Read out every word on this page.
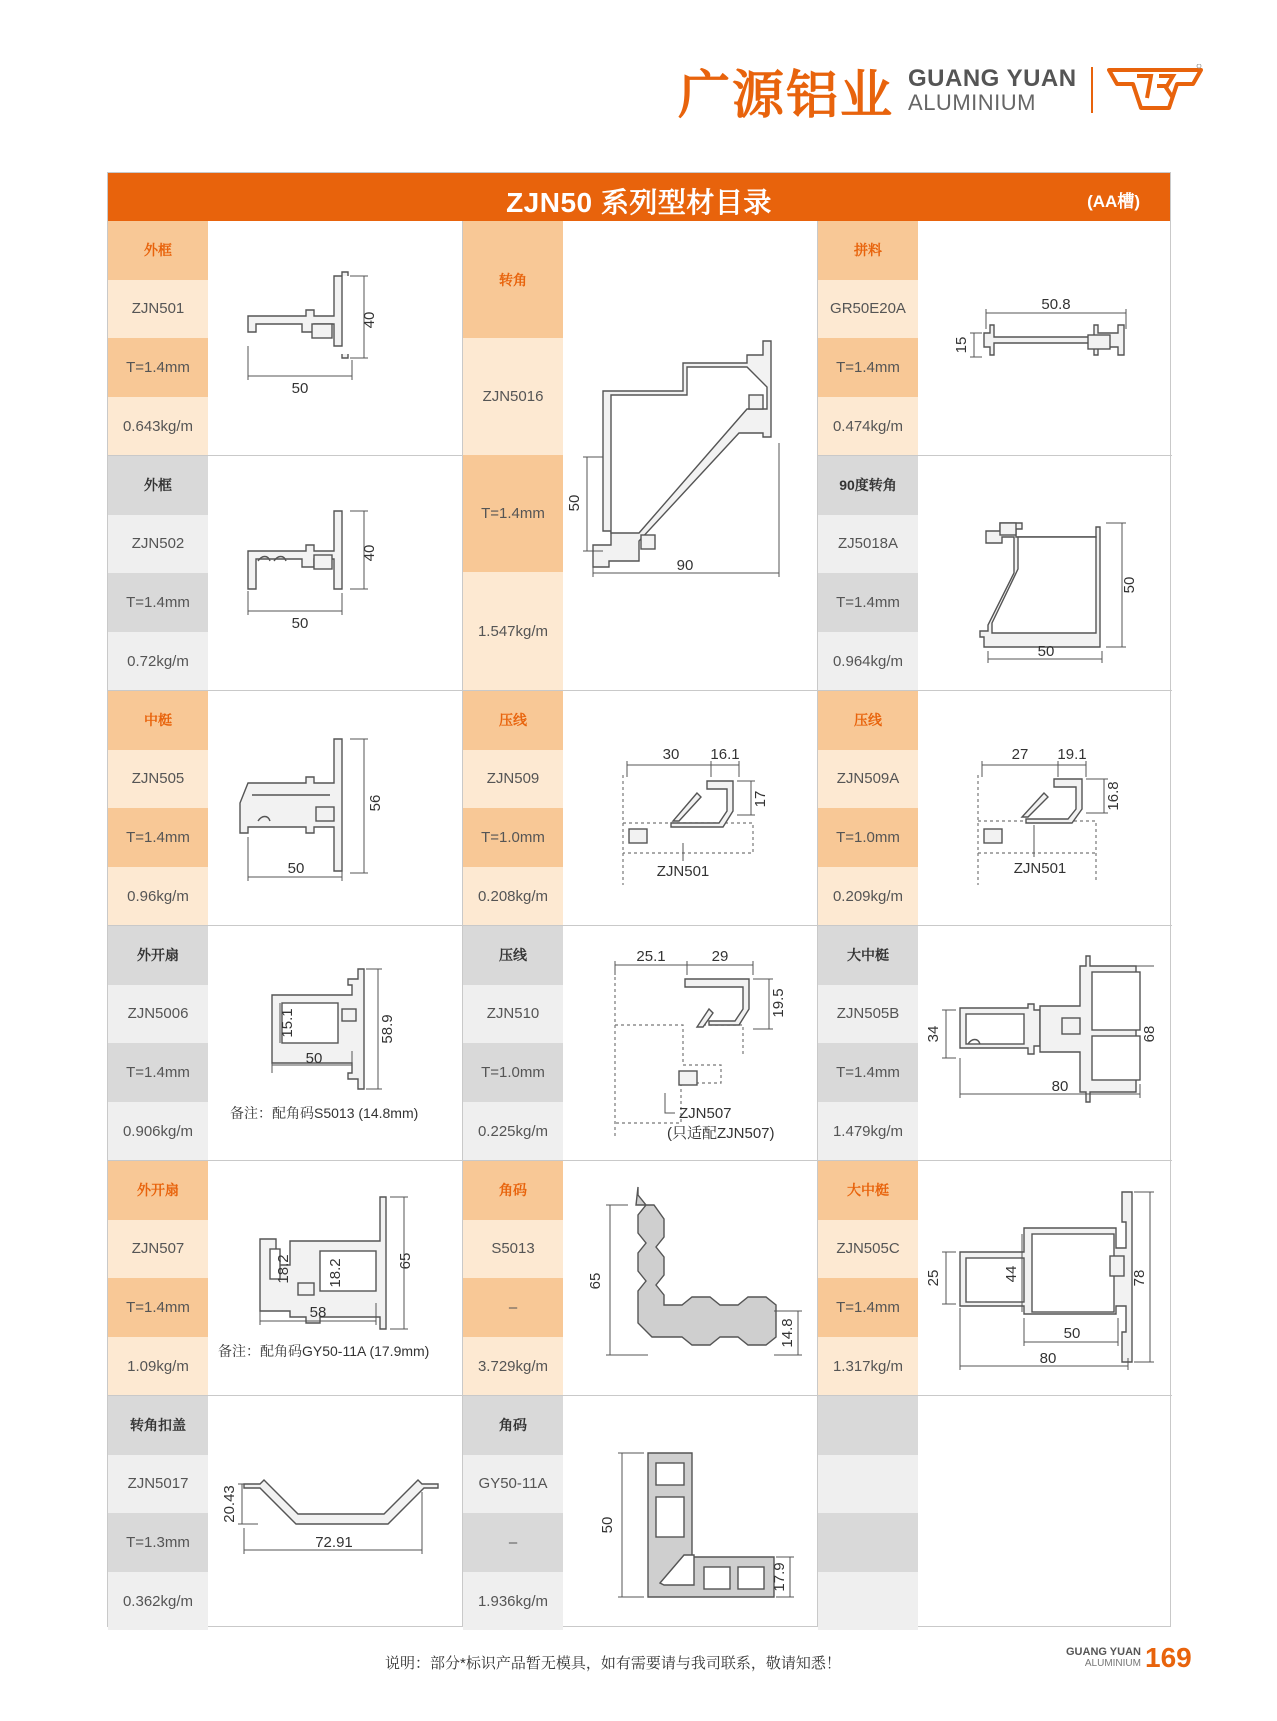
广源铝业 GUANG YUAN
ALUMINIUM
ZJN50 系列型材目录	(AA槽)
外框
ZJN501
T=1.4mm
0.643kg/m
50
40
外框
ZJN502
T=1.4mm
0.72kg/m
50
40
中梃
ZJN505
T=1.4mm
0.96kg/m
50
56
外开扇
ZJN5006
T=1.4mm
0.906kg/m
50
15.1	58.9
备注：配角码S5013 (14.8mm)
外开扇
ZJN507
T=1.4mm
1.09kg/m
58
18.2 18.2	65
备注：配角码GY50-11A (17.9mm)
转角扣盖
ZJN5017
T=1.3mm
0.362kg/m
72.91
20.43
转角
ZJN5016
T=1.4mm
1.547kg/m
90
50
压线
ZJN509
T=1.0mm
0.208kg/m
30 16.1
17
ZJN501
压线
ZJN510
T=1.0mm
0.225kg/m
25.1	29
19.5
ZJN507
(只适配ZJN507)
角码
S5013
–
3.729kg/m
65
14.8
角码
GY50-11A
–
1.936kg/m
50
17.9
拼料
GR50E20A
T=1.4mm
0.474kg/m
50.8
15
90度转角
ZJ5018A
T=1.4mm
0.964kg/m
50
50
压线
ZJN509A
T=1.0mm
0.209kg/m
27 19.1
16.8
ZJN501
大中梃
ZJN505B
T=1.4mm
1.479kg/m
80
34	68
大中梃
ZJN505C
T=1.4mm
1.317kg/m
50
80
25	44	78
说明：部分*标识产品暂无模具，如有需要请与我司联系，敬请知悉！
GUANG YUAN
ALUMINIUM 169
